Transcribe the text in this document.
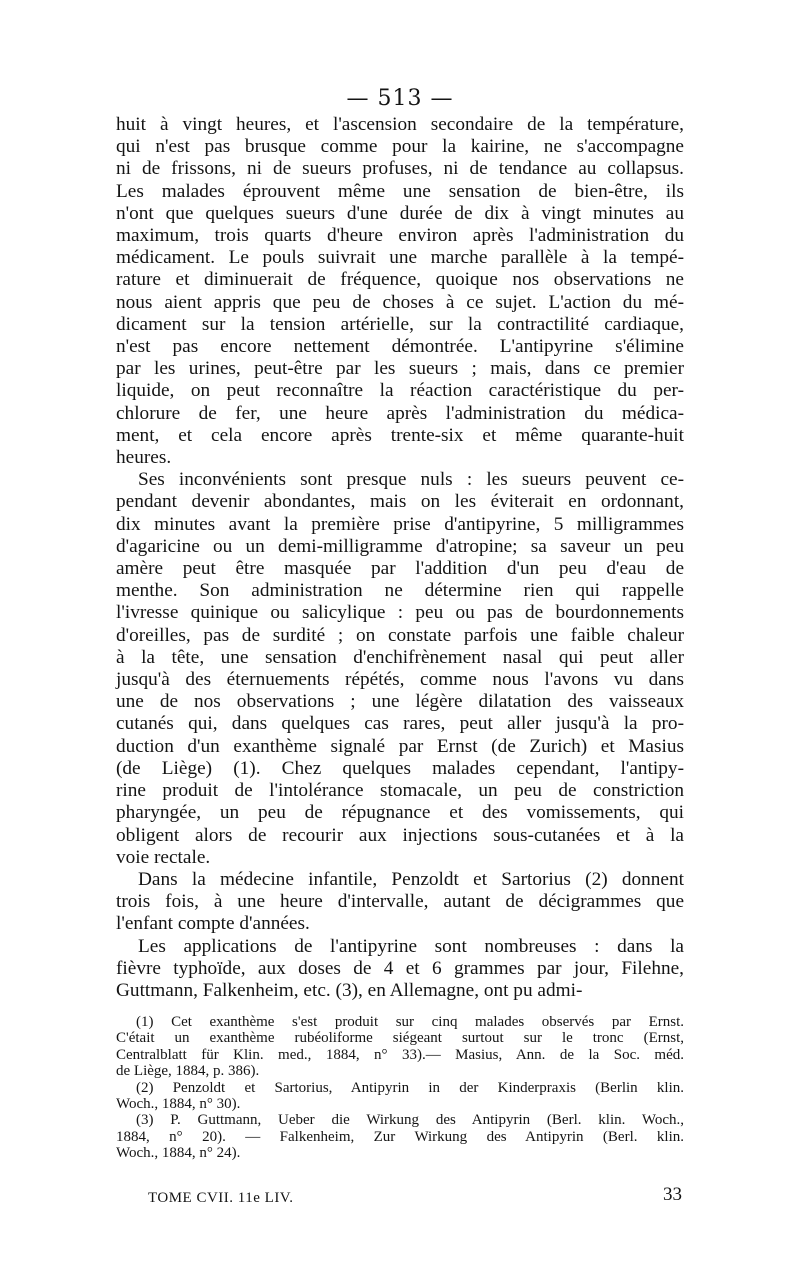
— 513 —
huit à vingt heures, et l'ascension secondaire de la température,
qui n'est pas brusque comme pour la kairine, ne s'accompagne
ni de frissons, ni de sueurs profuses, ni de tendance au collapsus.
Les malades éprouvent même une sensation de bien-être, ils
n'ont que quelques sueurs d'une durée de dix à vingt minutes au
maximum, trois quarts d'heure environ après l'administration du
médicament. Le pouls suivrait une marche parallèle à la tempé-
rature et diminuerait de fréquence, quoique nos observations ne
nous aient appris que peu de choses à ce sujet. L'action du mé-
dicament sur la tension artérielle, sur la contractilité cardiaque,
n'est pas encore nettement démontrée. L'antipyrine s'élimine
par les urines, peut-être par les sueurs ; mais, dans ce premier
liquide, on peut reconnaître la réaction caractéristique du per-
chlorure de fer, une heure après l'administration du médica-
ment, et cela encore après trente-six et même quarante-huit
heures.
Ses inconvénients sont presque nuls : les sueurs peuvent ce-
pendant devenir abondantes, mais on les éviterait en ordonnant,
dix minutes avant la première prise d'antipyrine, 5 milligrammes
d'agaricine ou un demi-milligramme d'atropine; sa saveur un peu
amère peut être masquée par l'addition d'un peu d'eau de
menthe. Son administration ne détermine rien qui rappelle
l'ivresse quinique ou salicylique : peu ou pas de bourdonnements
d'oreilles, pas de surdité ; on constate parfois une faible chaleur
à la tête, une sensation d'enchifrènement nasal qui peut aller
jusqu'à des éternuements répétés, comme nous l'avons vu dans
une de nos observations ; une légère dilatation des vaisseaux
cutanés qui, dans quelques cas rares, peut aller jusqu'à la pro-
duction d'un exanthème signalé par Ernst (de Zurich) et Masius
(de Liège) (1). Chez quelques malades cependant, l'antipy-
rine produit de l'intolérance stomacale, un peu de constriction
pharyngée, un peu de répugnance et des vomissements, qui
obligent alors de recourir aux injections sous-cutanées et à la
voie rectale.
Dans la médecine infantile, Penzoldt et Sartorius (2) donnent
trois fois, à une heure d'intervalle, autant de décigrammes que
l'enfant compte d'années.
Les applications de l'antipyrine sont nombreuses : dans la
fièvre typhoïde, aux doses de 4 et 6 grammes par jour, Filehne,
Guttmann, Falkenheim, etc. (3), en Allemagne, ont pu admi-
(1) Cet exanthème s'est produit sur cinq malades observés par Ernst.
C'était un exanthème rubéoliforme siégeant surtout sur le tronc (Ernst,
Centralblatt für Klin. med., 1884, n° 33).— Masius, Ann. de la Soc. méd.
de Liège, 1884, p. 386).
(2) Penzoldt et Sartorius, Antipyrin in der Kinderpraxis (Berlin klin.
Woch., 1884, n° 30).
(3) P. Guttmann, Ueber die Wirkung des Antipyrin (Berl. klin. Woch.,
1884, n° 20). — Falkenheim, Zur Wirkung des Antipyrin (Berl. klin.
Woch., 1884, n° 24).
TOME CVII. 11e LIV.	33
